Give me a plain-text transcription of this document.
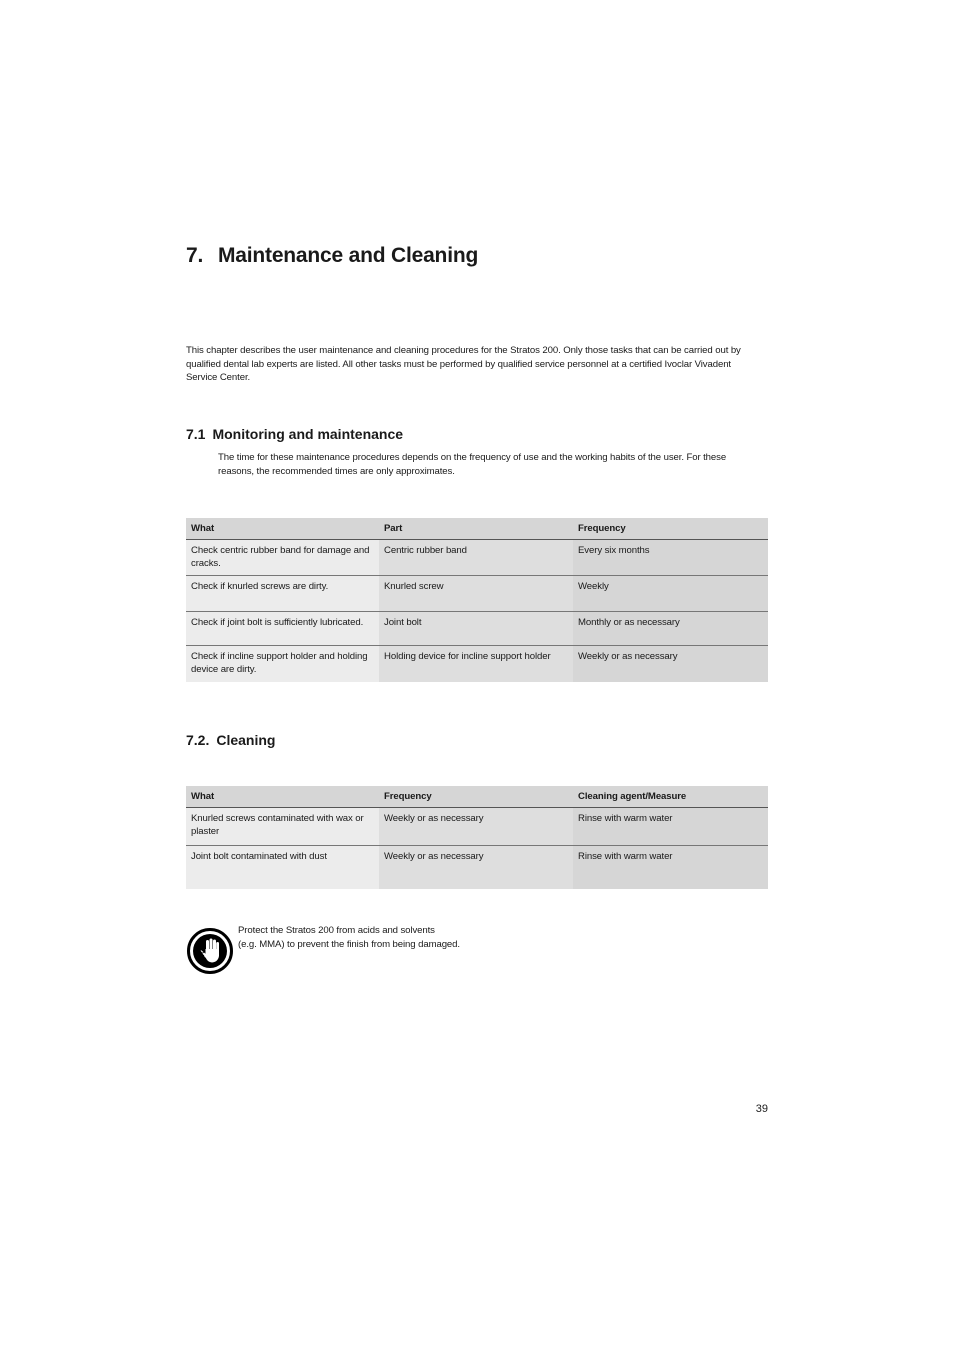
7. Maintenance and Cleaning
This chapter describes the user maintenance and cleaning procedures for the Stratos 200. Only those tasks that can be carried out by qualified dental lab experts are listed. All other tasks must be performed by qualified service personnel at a certified Ivoclar Vivadent Service Center.
7.1 Monitoring and maintenance
The time for these maintenance procedures depends on the frequency of use and the working habits of the user. For these reasons, the recommended times are only approximates.
What	Part	Frequency
Check centric rubber band for damage and cracks.	Centric rubber band	Every six months
Check if knurled screws are dirty.	Knurled screw	Weekly
Check if joint bolt is sufficiently lubricated.	Joint bolt	Monthly or as necessary
Check if incline support holder and holding device are dirty.	Holding device for incline support holder	Weekly or as necessary
7.2. Cleaning
What	Frequency	Cleaning agent/Measure
Knurled screws contaminated with wax or plaster	Weekly or as necessary	Rinse with warm water
Joint bolt contaminated with dust	Weekly or as necessary	Rinse with warm water
Protect the Stratos 200 from acids and solvents
(e.g. MMA) to prevent the finish from being damaged.
39
